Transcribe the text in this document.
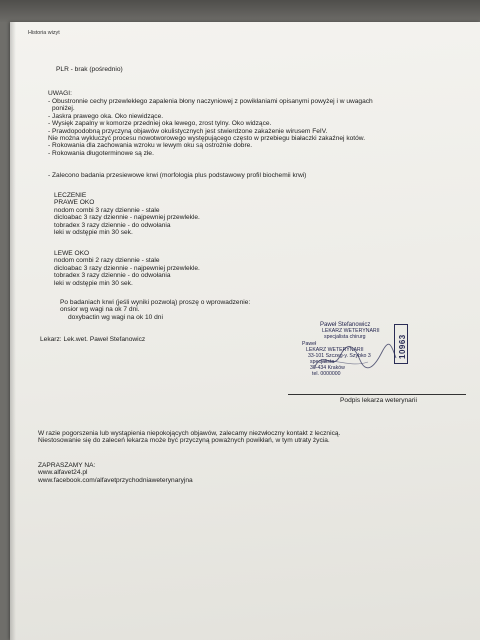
Historia wizyt
PLR - brak (pośrednio)
UWAGI:
- Obustronnie cechy przewlekłego zapalenia błony naczyniowej z powikłaniami opisanymi powyżej i w uwagach
poniżej.
- Jaskra prawego oka. Oko niewidzące.
- Wysięk zapalny w komorze przedniej oka lewego, zrost tylny. Oko widzące.
- Prawdopodobną przyczyną objawów okulistycznych jest stwierdzone zakażenie wirusem FeIV.
Nie można wykluczyć procesu nowotworowego występującego często w przebiegu białaczki zakaźnej kotów.
- Rokowania dla zachowania wzroku w lewym oku są ostrożnie dobre.
- Rokowania długoterminowe są złe.
- Zalecono badania przesiewowe krwi (morfologia plus podstawowy profil biochemii krwi)
LECZENIE
PRAWE OKO
nodom combi 3 razy dziennie - stale
dicloabac 3 razy dziennie - najpewniej przewlekle.
tobradex 3 razy dziennie - do odwołania
leki w odstępie min 30 sek.
LEWE OKO
nodom combi 2 razy dziennie - stale
dicloabac 3 razy dziennie - najpewniej przewlekle.
tobradex 3 razy dziennie - do odwołania
leki w odstępie min 30 sek.
Po badaniach krwi (jeśli wyniki pozwolą) proszę o wprowadzenie:
onsior wg wagi na ok 7 dni.
doxybactin wg wagi na ok 10 dni
Lekarz: Lek.wet. Paweł Stefanowicz
Paweł Stefanowicz
LEKARZ WETERYNARII
specjalista chirurg
Paweł
LEKARZ WETERYNARII
33-101 Szczeg-y. Szybko 3
specjalista
30-434 Kraków
tel. 0000000
10963
Podpis lekarza weterynarii
W razie pogorszenia lub wystąpienia niepokojących objawów, zalecamy niezwłoczny kontakt z lecznicą.
Niestosowanie się do zaleceń lekarza może być przyczyną poważnych powikłań, w tym utraty życia.
ZAPRASZAMY NA:
www.alfavet24.pl
www.facebook.com/alfavetprzychodniaweterynaryjna
